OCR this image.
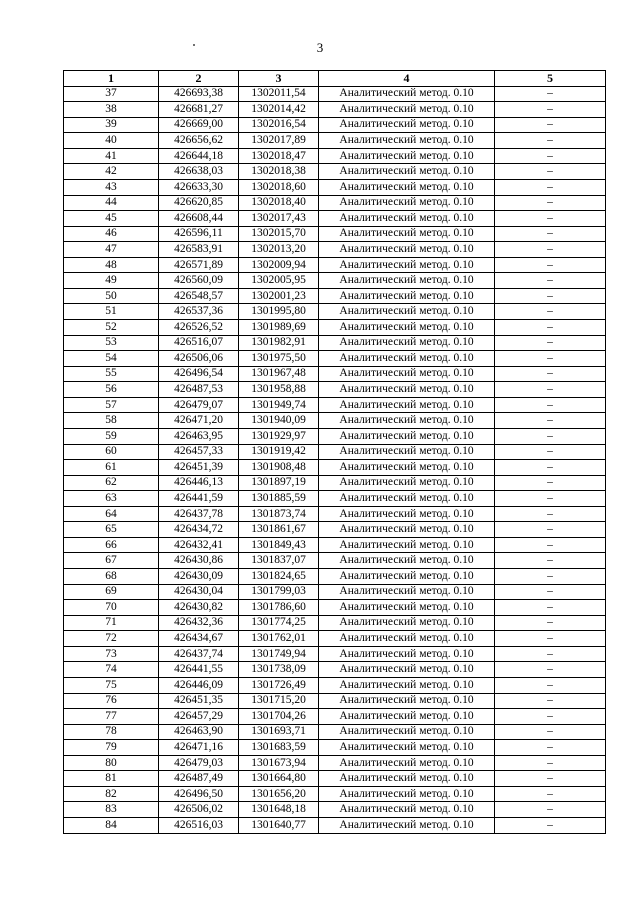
3
1	2	3	4	5
37	426693,38	1302011,54	Аналитический метод. 0.10	–
38	426681,27	1302014,42	Аналитический метод. 0.10	–
39	426669,00	1302016,54	Аналитический метод. 0.10	–
40	426656,62	1302017,89	Аналитический метод. 0.10	–
41	426644,18	1302018,47	Аналитический метод. 0.10	–
42	426638,03	1302018,38	Аналитический метод. 0.10	–
43	426633,30	1302018,60	Аналитический метод. 0.10	–
44	426620,85	1302018,40	Аналитический метод. 0.10	–
45	426608,44	1302017,43	Аналитический метод. 0.10	–
46	426596,11	1302015,70	Аналитический метод. 0.10	–
47	426583,91	1302013,20	Аналитический метод. 0.10	–
48	426571,89	1302009,94	Аналитический метод. 0.10	–
49	426560,09	1302005,95	Аналитический метод. 0.10	–
50	426548,57	1302001,23	Аналитический метод. 0.10	–
51	426537,36	1301995,80	Аналитический метод. 0.10	–
52	426526,52	1301989,69	Аналитический метод. 0.10	–
53	426516,07	1301982,91	Аналитический метод. 0.10	–
54	426506,06	1301975,50	Аналитический метод. 0.10	–
55	426496,54	1301967,48	Аналитический метод. 0.10	–
56	426487,53	1301958,88	Аналитический метод. 0.10	–
57	426479,07	1301949,74	Аналитический метод. 0.10	–
58	426471,20	1301940,09	Аналитический метод. 0.10	–
59	426463,95	1301929,97	Аналитический метод. 0.10	–
60	426457,33	1301919,42	Аналитический метод. 0.10	–
61	426451,39	1301908,48	Аналитический метод. 0.10	–
62	426446,13	1301897,19	Аналитический метод. 0.10	–
63	426441,59	1301885,59	Аналитический метод. 0.10	–
64	426437,78	1301873,74	Аналитический метод. 0.10	–
65	426434,72	1301861,67	Аналитический метод. 0.10	–
66	426432,41	1301849,43	Аналитический метод. 0.10	–
67	426430,86	1301837,07	Аналитический метод. 0.10	–
68	426430,09	1301824,65	Аналитический метод. 0.10	–
69	426430,04	1301799,03	Аналитический метод. 0.10	–
70	426430,82	1301786,60	Аналитический метод. 0.10	–
71	426432,36	1301774,25	Аналитический метод. 0.10	–
72	426434,67	1301762,01	Аналитический метод. 0.10	–
73	426437,74	1301749,94	Аналитический метод. 0.10	–
74	426441,55	1301738,09	Аналитический метод. 0.10	–
75	426446,09	1301726,49	Аналитический метод. 0.10	–
76	426451,35	1301715,20	Аналитический метод. 0.10	–
77	426457,29	1301704,26	Аналитический метод. 0.10	–
78	426463,90	1301693,71	Аналитический метод. 0.10	–
79	426471,16	1301683,59	Аналитический метод. 0.10	–
80	426479,03	1301673,94	Аналитический метод. 0.10	–
81	426487,49	1301664,80	Аналитический метод. 0.10	–
82	426496,50	1301656,20	Аналитический метод. 0.10	–
83	426506,02	1301648,18	Аналитический метод. 0.10	–
84	426516,03	1301640,77	Аналитический метод. 0.10	–
